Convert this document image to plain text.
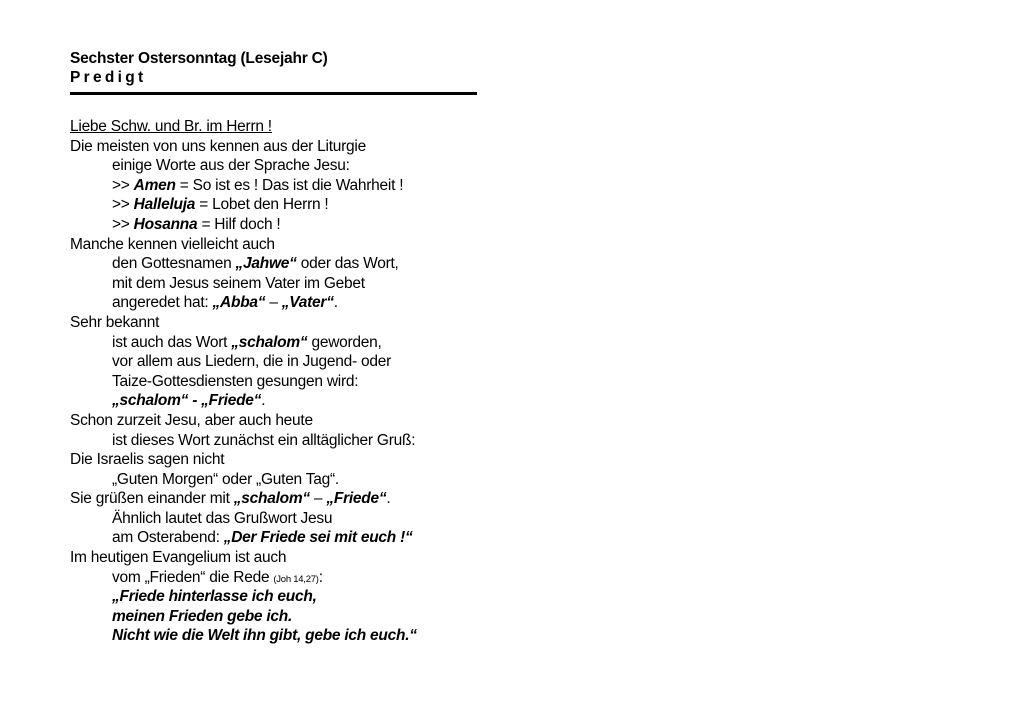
Sechster Ostersonntag (Lesejahr C)
Predigt
Liebe Schw. und Br. im Herrn !
Die meisten von uns kennen aus der Liturgie
einige Worte aus der Sprache Jesu:
>> Amen = So ist es ! Das ist die Wahrheit !
>> Halleluja = Lobet den Herrn !
>> Hosanna = Hilf doch !
Manche kennen vielleicht auch
den Gottesnamen „Jahwe“ oder das Wort,
mit dem Jesus seinem Vater im Gebet
angeredet hat: „Abba“ – „Vater“.
Sehr bekannt
ist auch das Wort „schalom“ geworden,
vor allem aus Liedern, die in Jugend- oder
Taize-Gottesdiensten gesungen wird:
„schalom“ - „Friede“.
Schon zurzeit Jesu, aber auch heute
ist dieses Wort zunächst ein alltäglicher Gruß:
Die Israelis sagen nicht
„Guten Morgen“ oder „Guten Tag“.
Sie grüßen einander mit „schalom“ – „Friede“.
Ähnlich lautet das Grußwort Jesu
am Osterabend: „Der Friede sei mit euch !“
Im heutigen Evangelium ist auch
vom „Frieden“ die Rede (Joh 14,27):
„Friede hinterlasse ich euch,
meinen Frieden gebe ich.
Nicht wie die Welt ihn gibt, gebe ich euch.“
